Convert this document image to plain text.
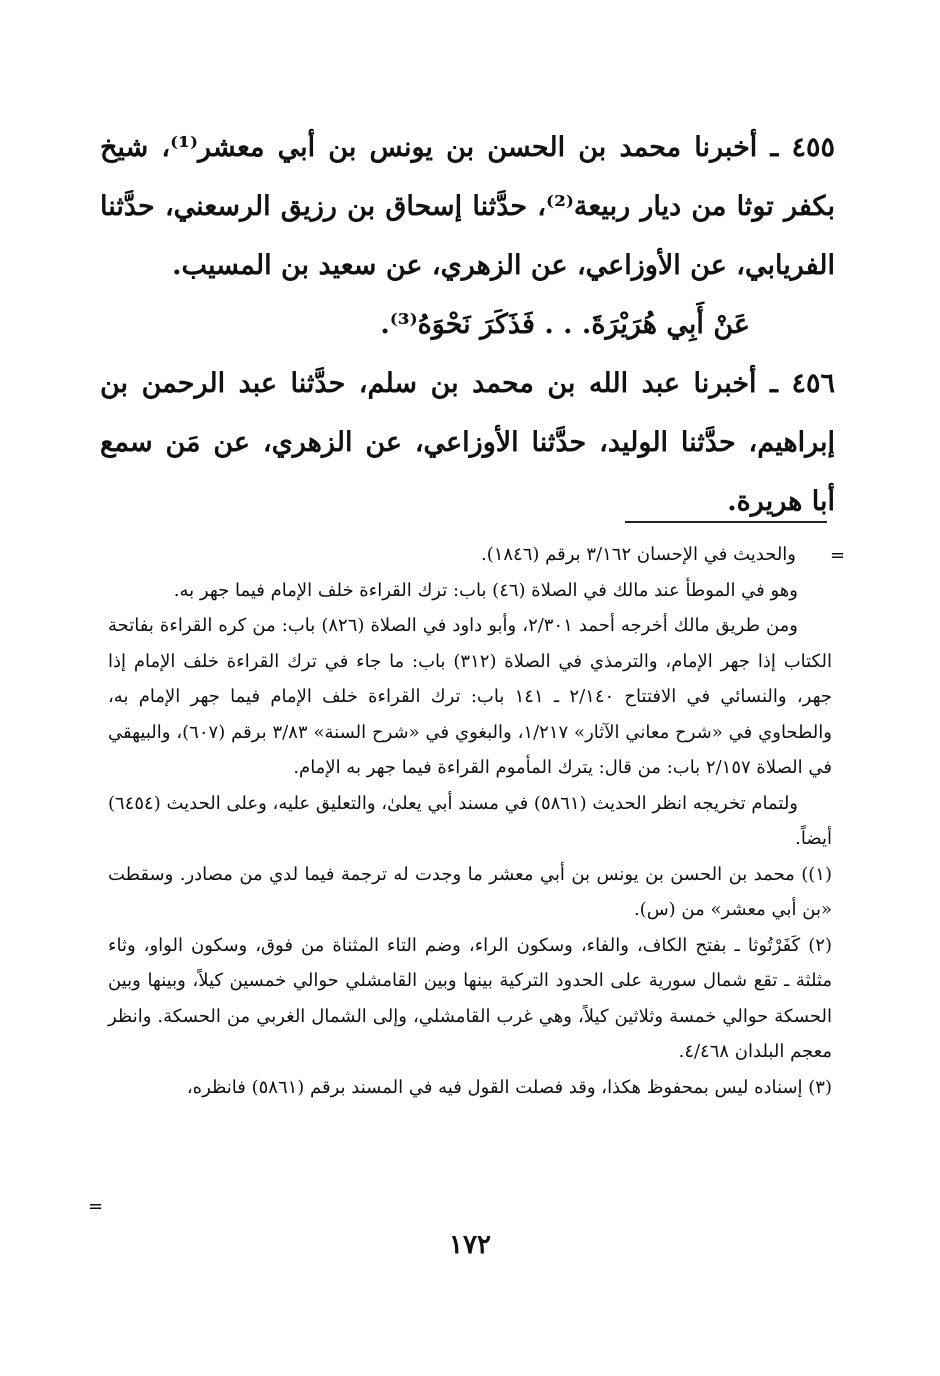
٤٥٥ ـ أخبرنا محمد بن الحسن بن يونس بن أبي معشر⁽¹⁾، شيخ بكفر توثا من ديار ربيعة⁽²⁾، حدَّثنا إسحاق بن رزيق الرسعني، حدَّثنا الفريابي، عن الأوزاعي، عن الزهري، عن سعيد بن المسيب.

عَنْ أَبِي هُرَيْرَةَ. . . فَذَكَرَ نَحْوَهُ⁽³⁾.

٤٥٦ ـ أخبرنا عبد الله بن محمد بن سلم، حدَّثنا عبد الرحمن بن إبراهيم، حدَّثنا الوليد، حدَّثنا الأوزاعي، عن الزهري، عن مَن سمع أبا هريرة.

=

والحديث في الإحسان ٣/١٦٢ برقم (١٨٤٦).

وهو في الموطأ عند مالك في الصلاة (٤٦) باب: ترك القراءة خلف الإمام فيما جهر به.

ومن طريق مالك أخرجه أحمد ٢/٣٠١، وأبو داود في الصلاة (٨٢٦) باب: من كره القراءة بفاتحة الكتاب إذا جهر الإمام، والترمذي في الصلاة (٣١٢) باب: ما جاء في ترك القراءة خلف الإمام إذا جهر، والنسائي في الافتتاح ٢/١٤٠ ـ ١٤١ باب: ترك القراءة خلف الإمام فيما جهر الإمام به، والطحاوي في «شرح معاني الآثار» ١/٢١٧، والبغوي في «شرح السنة» ٣/٨٣ برقم (٦٠٧)، والبيهقي في الصلاة ٢/١٥٧ باب: من قال: يترك المأموم القراءة فيما جهر به الإمام.

ولتمام تخريجه انظر الحديث (٥٨٦١) في مسند أبي يعلىٰ، والتعليق عليه، وعلى الحديث (٦٤٥٤) أيضاً.

(١)) محمد بن الحسن بن يونس بن أبي معشر ما وجدت له ترجمة فيما لدي من مصادر. وسقطت «بن أبي معشر» من (س).

(٢) كَفَرْتُوثا ـ بفتح الكاف، والفاء، وسكون الراء، وضم التاء المثناة من فوق، وسكون الواو، وثاء مثلثة ـ تقع شمال سورية على الحدود التركية بينها وبين القامشلي حوالي خمسين كيلاً، وبينها وبين الحسكة حوالي خمسة وثلاثين كيلاً، وهي غرب القامشلي، وإلى الشمال الغربي من الحسكة. وانظر معجم البلدان ٤/٤٦٨.

(٣) إسناده ليس بمحفوظ هكذا، وقد فصلت القول فيه في المسند برقم (٥٨٦١) فانظره،

=
١٧٢
